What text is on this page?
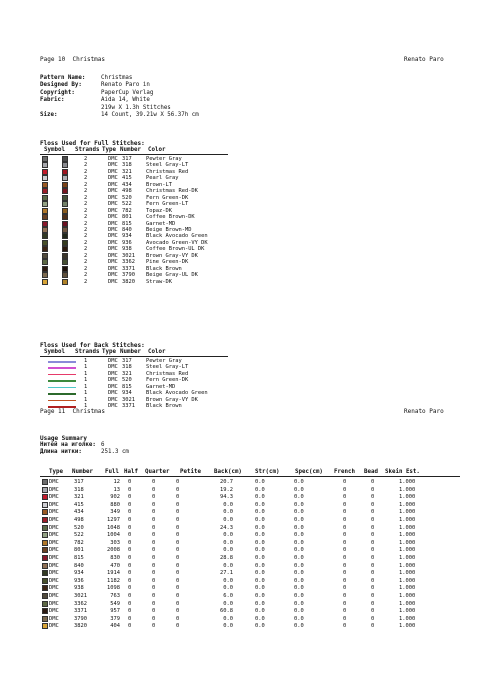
Page 10  Christmas	Renato Paro
Pattern Name:	Christmas
Designed By:	Renato Paro in
Copyright:	PaperCup Verlag
Fabric:	Aida 14, White
219w X 1.3h Stitches
Size:	14 Count, 39.21w X 56.37h cm
Floss Used for Full Stitches:
Symbol Strands Type Number Color
2	DMC 317	Pewter Gray
2	DMC 318	Steel Gray-LT
2	DMC 321	Christmas Red
2	DMC 415	Pearl Gray
2	DMC 434	Brown-LT
2	DMC 498	Christmas Red-DK
2	DMC 520	Fern Green-DK
2	DMC 522	Fern Green-LT
2	DMC 782	Topaz-DK
2	DMC 801	Coffee Brown-DK
2	DMC 815	Garnet-MD
2	DMC 840	Beige Brown-MD
2	DMC 934	Black Avocado Green
2	DMC 936	Avocado Green-VY DK
2	DMC 938	Coffee Brown-UL DK
2	DMC 3021 Brown Gray-VY DK
2	DMC 3362 Pine Green-DK
2	DMC 3371 Black Brown
2	DMC 3790 Beige Gray-UL DK
2	DMC 3820 Straw-DK
Floss Used for Back Stitches:
Symbol Strands Type Number Color
1	DMC 317	Pewter Gray
1	DMC 318	Steel Gray-LT
1	DMC 321	Christmas Red
1	DMC 520	Fern Green-DK
1	DMC 815	Garnet-MD
1	DMC 934	Black Avocado Green
1	DMC 3021 Brown Gray-VY DK
1	DMC 3371 Black Brown
Page 11  Christmas	Renato Paro
Usage Summary
Нитей на иголке: 6
Длина нитки:	251.3 cm
Type Number Full Half Quarter Petite Back(cm) Str(cm)	Spec(cm) French Bead Skein Est.
DMC	317	12 0	0	0	20.7	0.0	0.0	0	0	1.000
DMC	318	13 0	0	0	19.2	0.0	0.0	0	0	1.000
DMC	321	902 0	0	0	94.3	0.0	0.0	0	0	1.000
DMC	415	880 0	0	0	0.0	0.0	0.0	0	0	1.000
DMC	434	349 0	0	0	0.0	0.0	0.0	0	0	1.000
DMC	498	1297 0	0	0	0.0	0.0	0.0	0	0	1.000
DMC	520	1048 0	0	0	24.3	0.0	0.0	0	0	1.000
DMC	522	1004 0	0	0	0.0	0.0	0.0	0	0	1.000
DMC	782	303 0	0	0	0.0	0.0	0.0	0	0	1.000
DMC	801	2008 0	0	0	0.0	0.0	0.0	0	0	1.000
DMC	815	830 0	0	0	28.8	0.0	0.0	0	0	1.000
DMC	840	470 0	0	0	0.0	0.0	0.0	0	0	1.000
DMC	934	1914 0	0	0	27.1	0.0	0.0	0	0	1.000
DMC	936	1182 0	0	0	0.0	0.0	0.0	0	0	1.000
DMC	938	1098 0	0	0	0.0	0.0	0.0	0	0	1.000
DMC	3021	763 0	0	0	6.0	0.0	0.0	0	0	1.000
DMC	3362	549 0	0	0	0.0	0.0	0.0	0	0	1.000
DMC	3371	957 0	0	0	60.8	0.0	0.0	0	0	1.000
DMC	3790	379 0	0	0	0.0	0.0	0.0	0	0	1.000
DMC	3820	404 0	0	0	0.0	0.0	0.0	0	0	1.000
